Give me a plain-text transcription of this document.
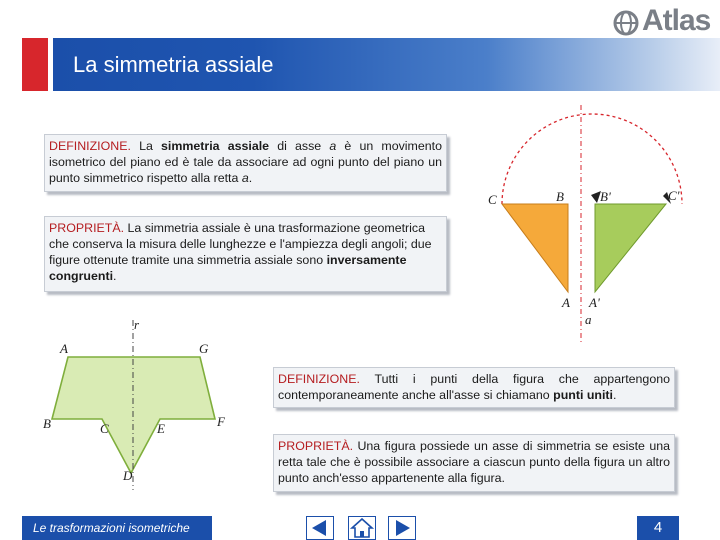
Atlas
La simmetria assiale
DEFINIZIONE. La simmetria assiale di asse a è un movimento isometrico del piano ed è tale da associare ad ogni punto del piano un punto simmetrico rispetto alla retta a.
PROPRIETÀ. La simmetria assiale è una trasformazione geometrica che conserva la misura delle lunghezze e l'ampiezza degli angoli; due figure ottenute tramite una simmetria assiale sono inversamente congruenti.
DEFINIZIONE. Tutti i punti della figura che appartengono contemporaneamente anche all'asse si chiamano punti uniti.
PROPRIETÀ. Una figura possiede un asse di simmetria se esiste una retta tale che è possibile associare a ciascun punto della figura un altro punto anch'esso appartenente alla figura.
C	B	B'	C'
A A'
a
r
A	G
B	C	E	F
D
Le trasformazioni isometriche	4
